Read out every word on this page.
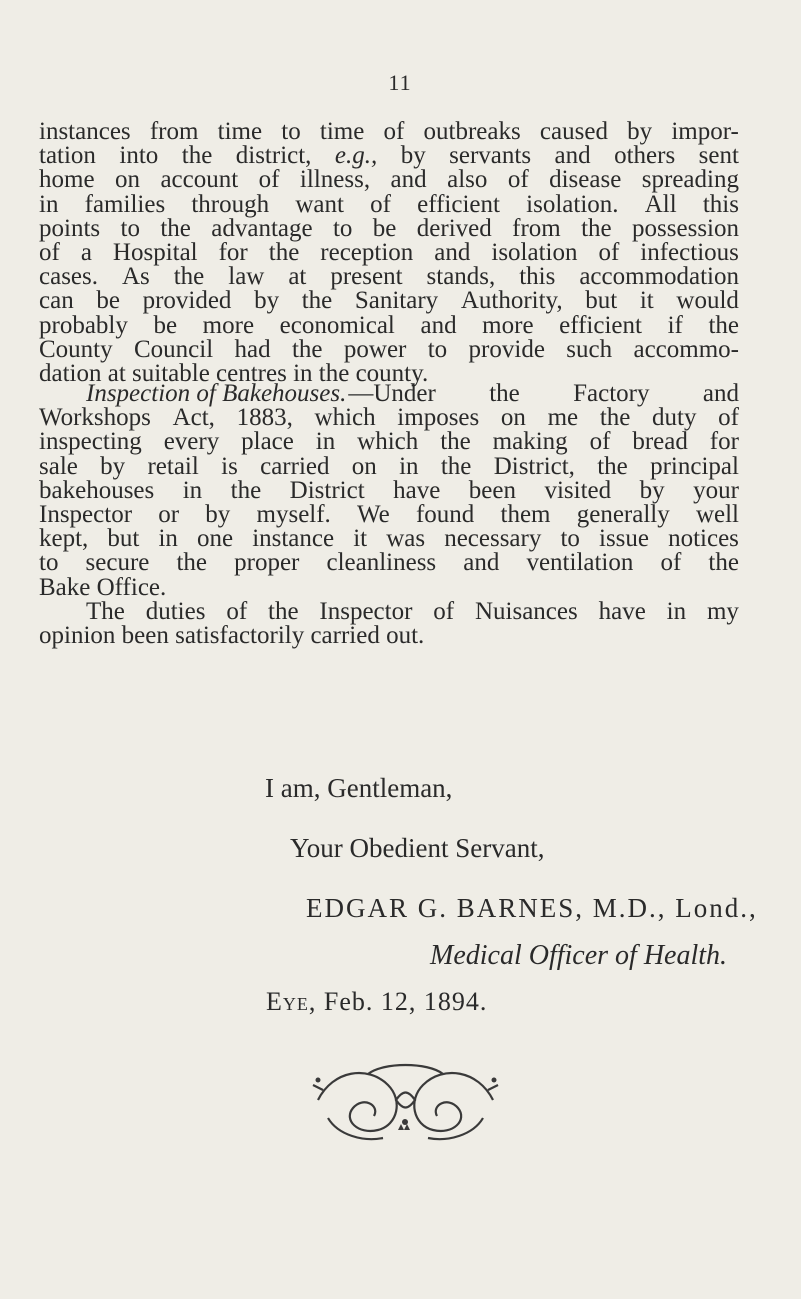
11
instances from time to time of outbreaks caused by impor-
tation into the district, e.g., by servants and others sent
home on account of illness, and also of disease spreading
in families through want of efficient isolation. All this
points to the advantage to be derived from the possession
of a Hospital for the reception and isolation of infectious
cases. As the law at present stands, this accommodation
can be provided by the Sanitary Authority, but it would
probably be more economical and more efficient if the
County Council had the power to provide such accommo-
dation at suitable centres in the county.
Inspection of Bakehouses. —Under the Factory and
Workshops Act, 1883, which imposes on me the duty of
inspecting every place in which the making of bread for
sale by retail is carried on in the District, the principal
bakehouses in the District have been visited by your
Inspector or by myself. We found them generally well
kept, but in one instance it was necessary to issue notices
to secure the proper cleanliness and ventilation of the
Bake Office.
The duties of the Inspector of Nuisances have in my
opinion been satisfactorily carried out.
I am, Gentleman,
Your Obedient Servant,
EDGAR G. BARNES, M.D., Lond.,
Medical Officer of Health.
Eye, Feb. 12, 1894.
